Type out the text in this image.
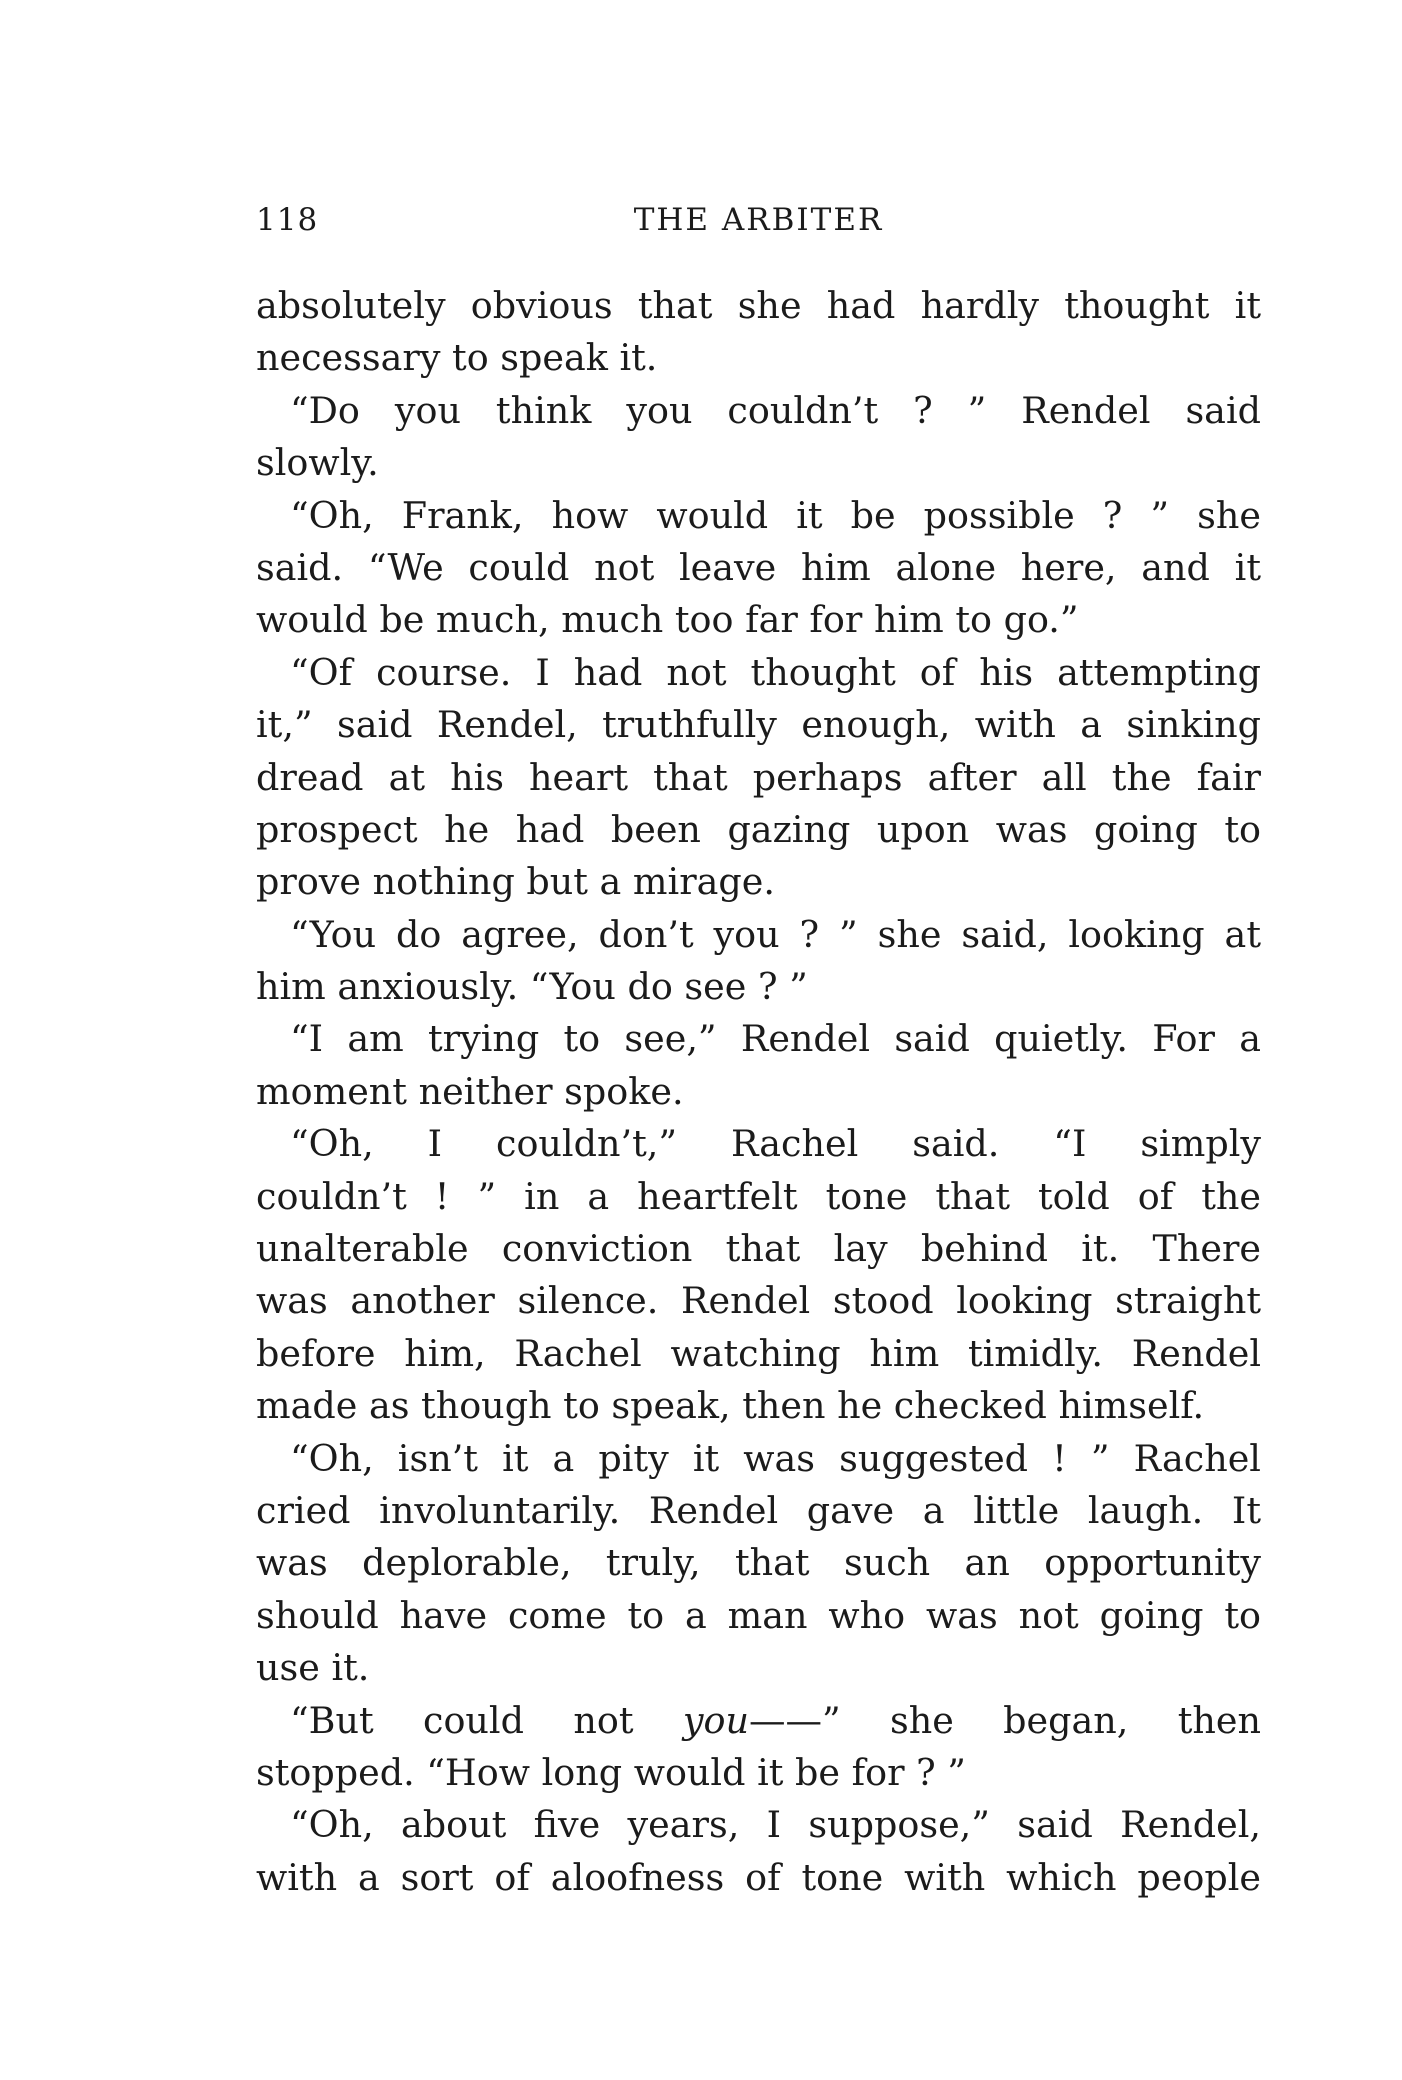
118	THE ARBITER
absolutely obvious that she had hardly thought it
necessary to speak it.
“Do you think you couldn’t ? ” Rendel said
slowly.
“Oh, Frank, how would it be possible ? ” she
said. “We could not leave him alone here, and it
would be much, much too far for him to go.”
“Of course. I had not thought of his attempting
it,” said Rendel, truthfully enough, with a sinking
dread at his heart that perhaps after all the fair
prospect he had been gazing upon was going to
prove nothing but a mirage.
“You do agree, don’t you ? ” she said, looking at
him anxiously. “You do see ? ”
“I am trying to see,” Rendel said quietly. For a
moment neither spoke.
“Oh, I couldn’t,” Rachel said. “I simply
couldn’t ! ” in a heartfelt tone that told of the
unalterable conviction that lay behind it. There
was another silence. Rendel stood looking straight
before him, Rachel watching him timidly. Rendel
made as though to speak, then he checked himself.
“Oh, isn’t it a pity it was suggested ! ” Rachel
cried involuntarily. Rendel gave a little laugh. It
was deplorable, truly, that such an opportunity
should have come to a man who was not going to
use it.
“But could not you——” she began, then
stopped. “How long would it be for ? ”
“Oh, about five years, I suppose,” said Rendel,
with a sort of aloofness of tone with which people
